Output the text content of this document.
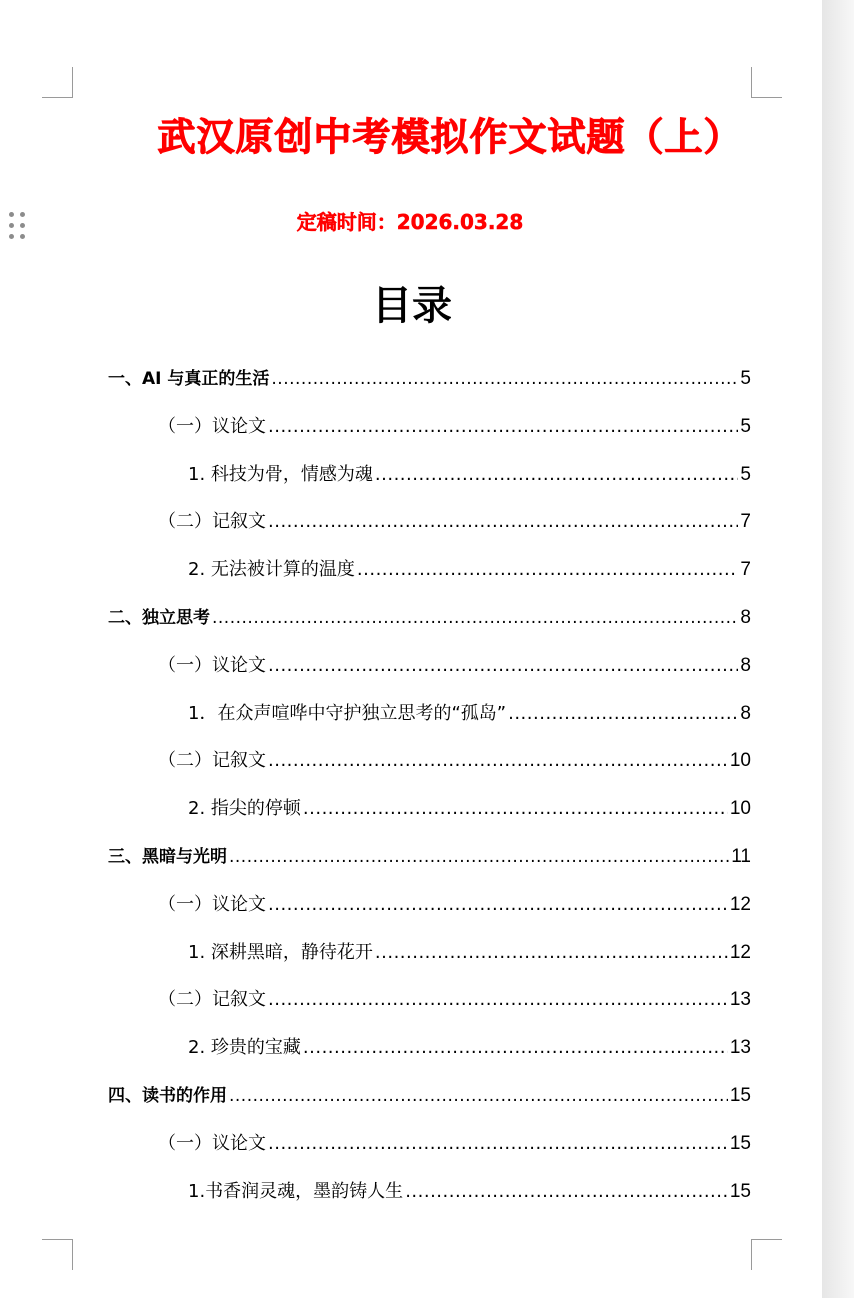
武汉原创中考模拟作文试题（上）
定稿时间：2026.03.28
目录
一、AI 与真正的生活 .....	5
（一）议论文 .....	5
1. 科技为骨，情感为魂 .....	5
（二）记叙文 .....	7
2. 无法被计算的温度 .....	7
二、独立思考 .....	8
（一）议论文 .....	8
1．在众声喧哗中守护独立思考的“孤岛” .....	8
（二）记叙文 .....	10
2. 指尖的停顿 .....	10
三、黑暗与光明 .....	11
（一）议论文 .....	12
1. 深耕黑暗，静待花开 .....	12
（二）记叙文 .....	13
2. 珍贵的宝藏 .....	13
四、读书的作用 .....	15
（一）议论文 .....	15
1.书香润灵魂，墨韵铸人生 .....	15
